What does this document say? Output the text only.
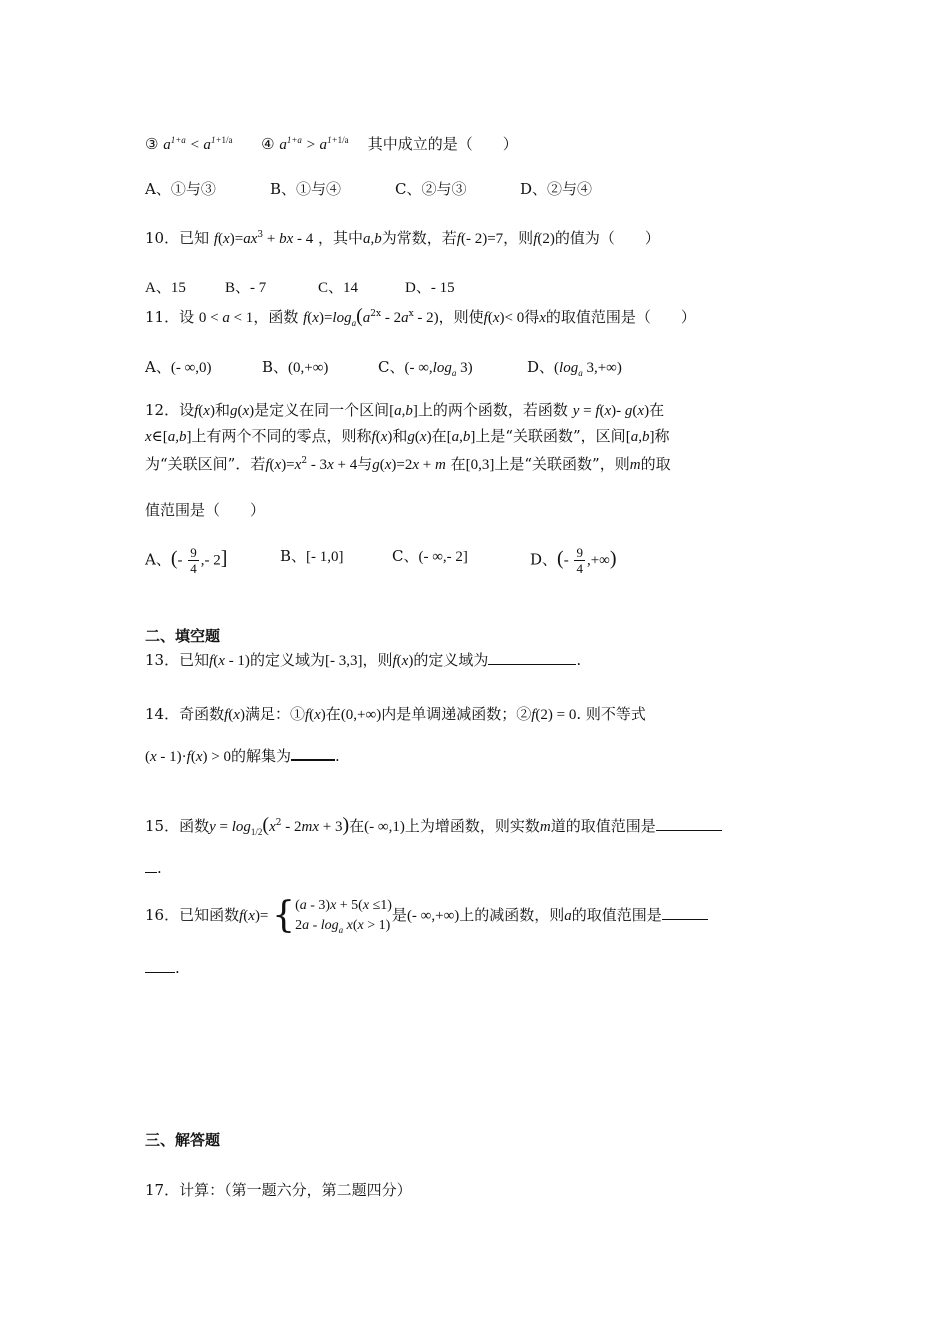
③ $a^{1+a} < a^{1+1/a}$ ④ $a^{1+a} > a^{1+1/a}$ 其中成立的是（　　）
A、①与③	B、①与④	C、②与③	D、②与④
10．已知 $f(x)=ax^3$ + bx - 4 ，其中a,b为常数，若f(- 2)=7，则f(2)的值为（　　）
A、15	B、- 7	C、14	D、- 15
11．设 0 < a < 1，函数 $f(x)=\log_a(a^{2x} - 2a^x - 2)$，则使f(x)< 0得x的取值范围是（　　）
A、(- ∞,0)	B、(0,+∞)	C、(- $\infty,\log_a$ 3)	D、($\log_a$ 3,+∞)
12．设f(x)和g(x)是定义在同一个区间[a,b]上的两个函数，若函数 y = f(x)- g(x)在
x∈[a,b]上有两个不同的零点，则称f(x)和g(x)在[a,b]上是“关联函数”，区间[a,b]称
为“关联区间”．若$f(x)=x^2 - 3x + 4$与g(x)=2x + m 在[0,3]上是“关联函数”，则m的取
值范围是（　　）
A、(- $\frac{9}{4}$ ,- 2]	B、[- 1,0]	C、(- ∞,- 2]	D、(- $\frac{9}{4}$ ,+∞)
二、填空题
13．已知f(x - 1)的定义域为[- 3,3]，则f(x)的定义域为	.
14．奇函数f(x)满足：①f(x)在(0,+∞)内是单调递减函数；②f(2) = 0. 则不等式
(x - 1)·f(x) > 0的解集为	.
15．函数$y = \log_{1/2}(x^2 - 2mx + 3)$在(- ∞,1)上为增函数，则实数m道的取值范围是
.
16．已知函数f(x)= { (a - 3)x + 5(x ≤1)
$2a - \log_a x(x > 1)$
是(- ∞,+∞)上的减函数，则a的取值范围是
.
三、解答题
17．计算：（第一题六分，第二题四分）
